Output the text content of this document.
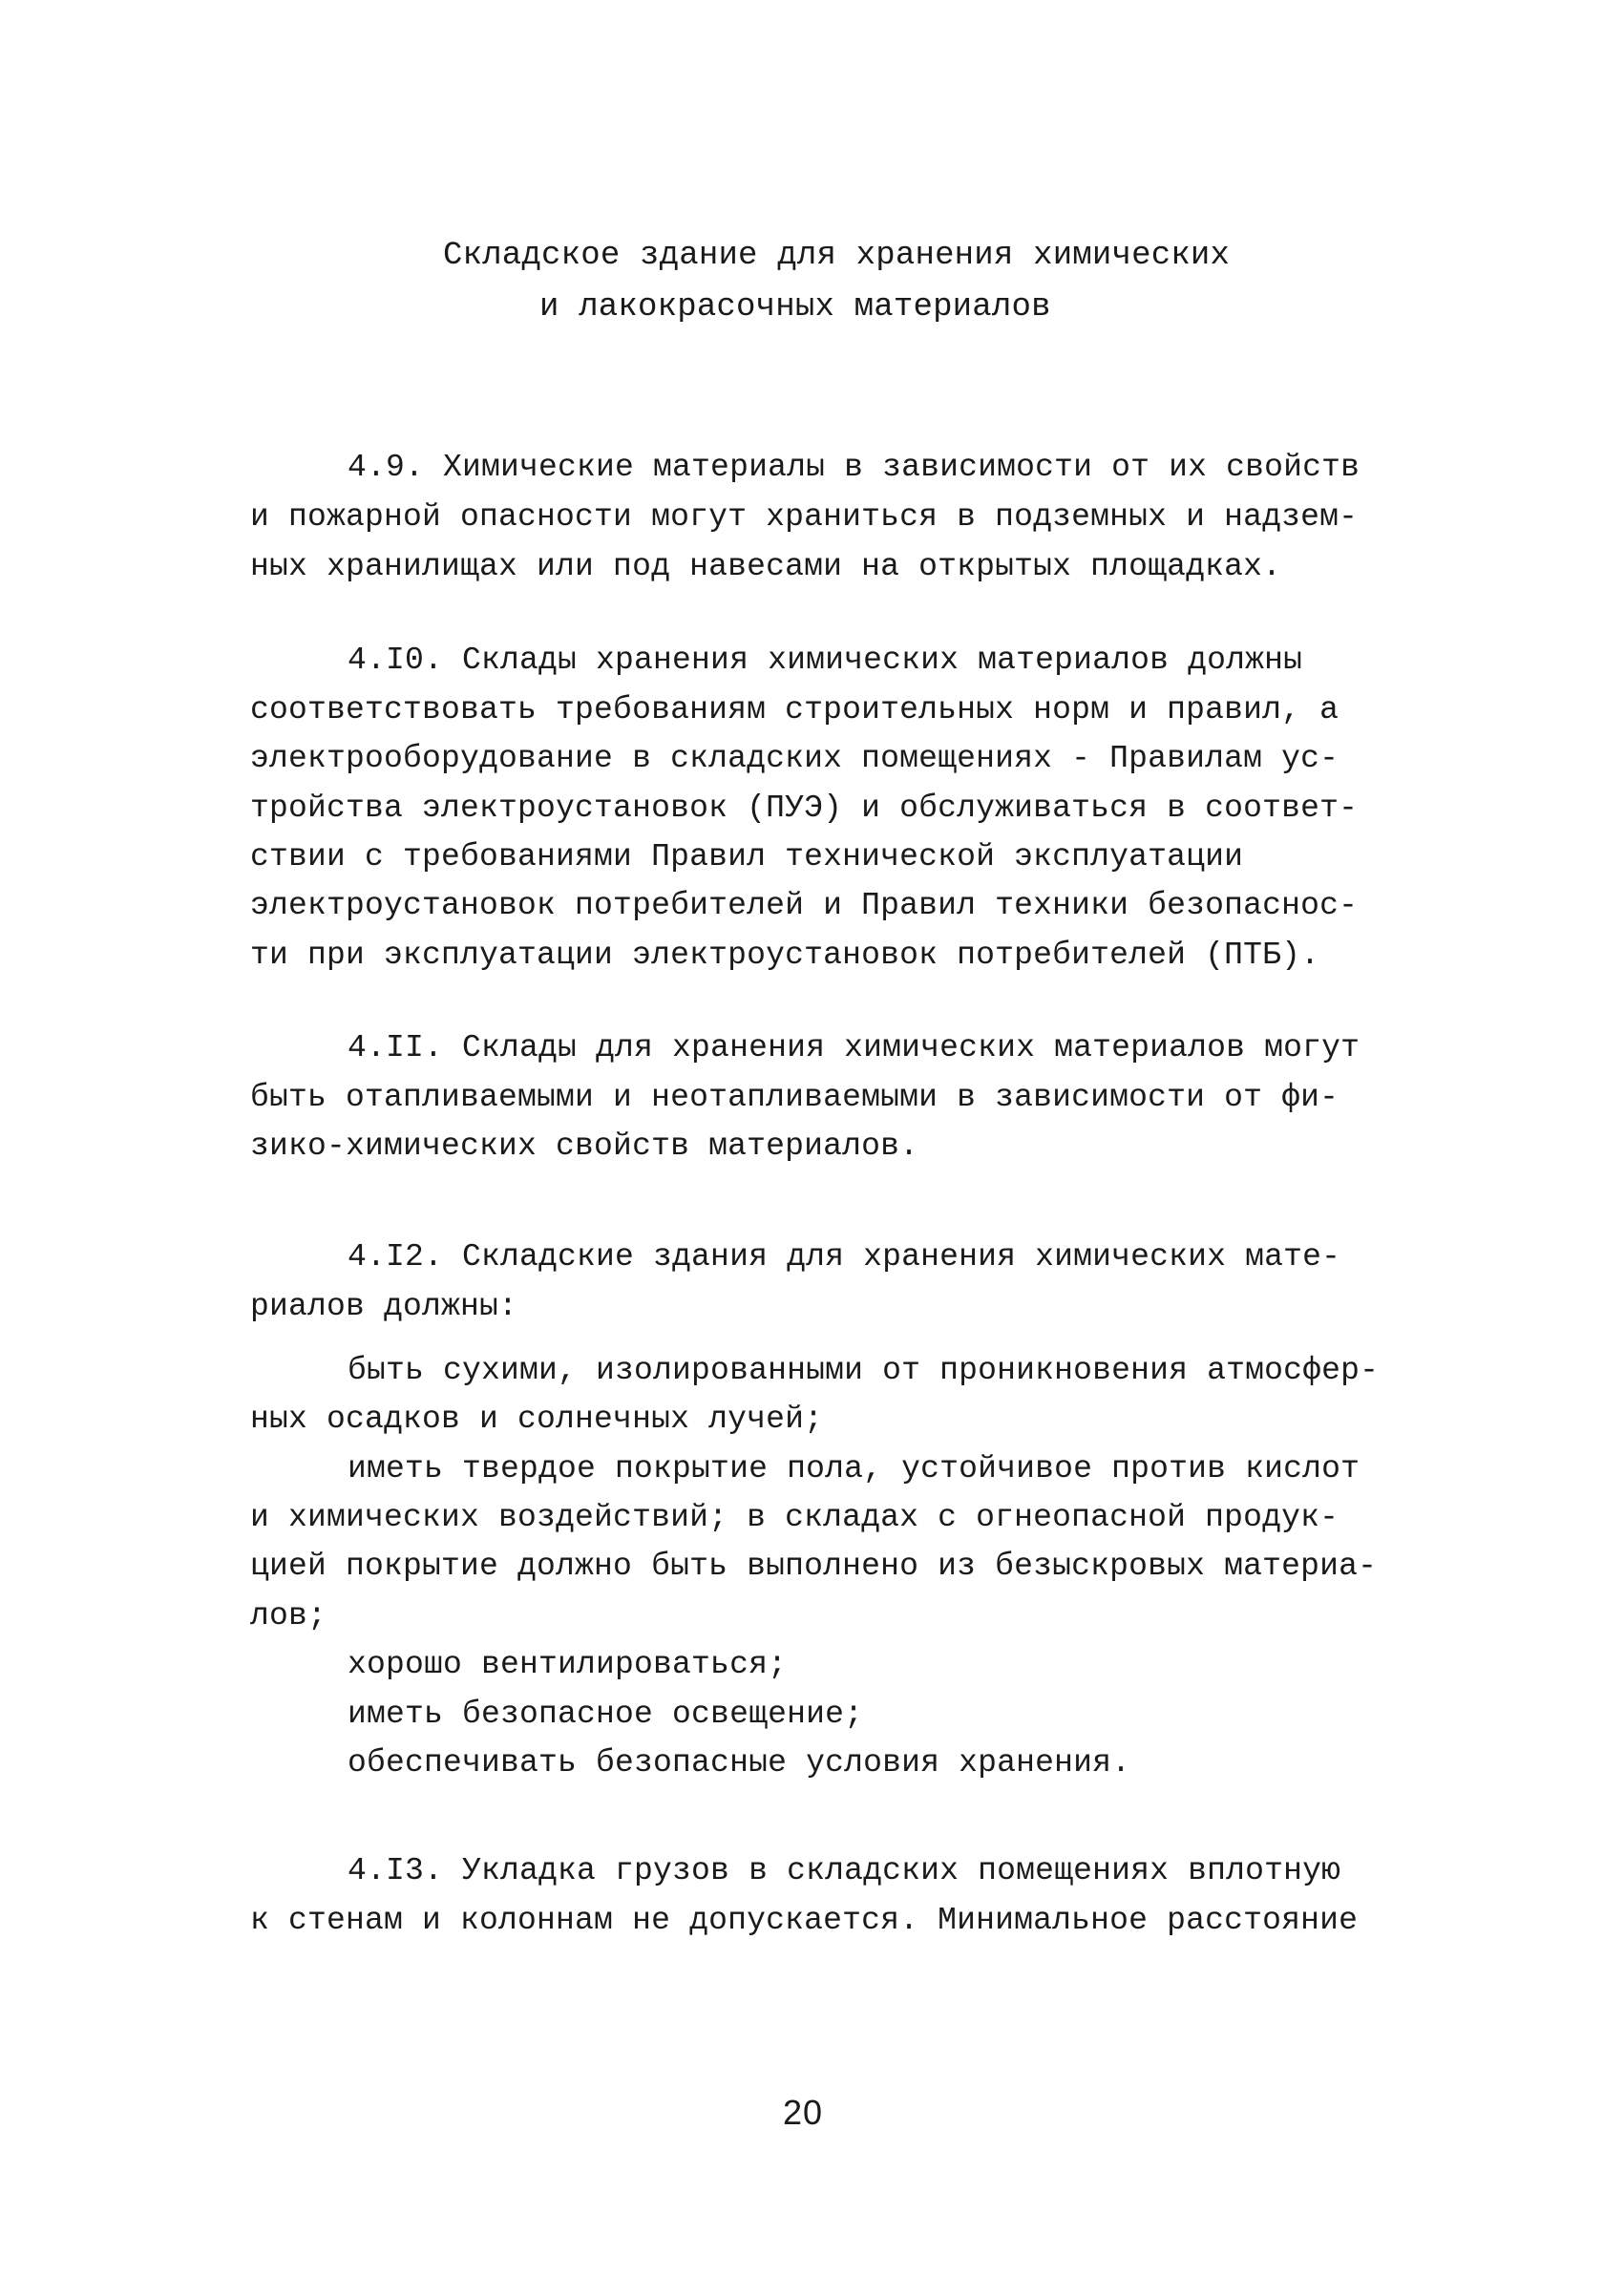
Складское здание для хранения химических
и лакокрасочных материалов
4.9. Химические материалы в зависимости от их свойств
и пожарной опасности могут храниться в подземных и надзем-
ных хранилищах или под навесами на открытых площадках.
4.I0. Склады хранения химических материалов должны
соответствовать требованиям строительных норм и правил, а
электрооборудование в складских помещениях - Правилам ус-
тройства электроустановок (ПУЭ) и обслуживаться в соответ-
ствии с требованиями Правил технической эксплуатации
электроустановок потребителей и Правил техники безопаснос-
ти при эксплуатации электроустановок потребителей (ПТБ).
4.II. Склады для хранения химических материалов могут
быть отапливаемыми и неотапливаемыми в зависимости от фи-
зико-химических свойств материалов.
4.I2. Складские здания для хранения химических мате-
риалов должны:
быть сухими, изолированными от проникновения атмосфер-
ных осадков и солнечных лучей;
иметь твердое покрытие пола, устойчивое против кислот
и химических воздействий; в складах с огнеопасной продук-
цией покрытие должно быть выполнено из безыскровых материа-
лов;
хорошо вентилироваться;
иметь безопасное освещение;
обеспечивать безопасные условия хранения.
4.I3. Укладка грузов в складских помещениях вплотную
к стенам и колоннам не допускается. Минимальное расстояние
20
